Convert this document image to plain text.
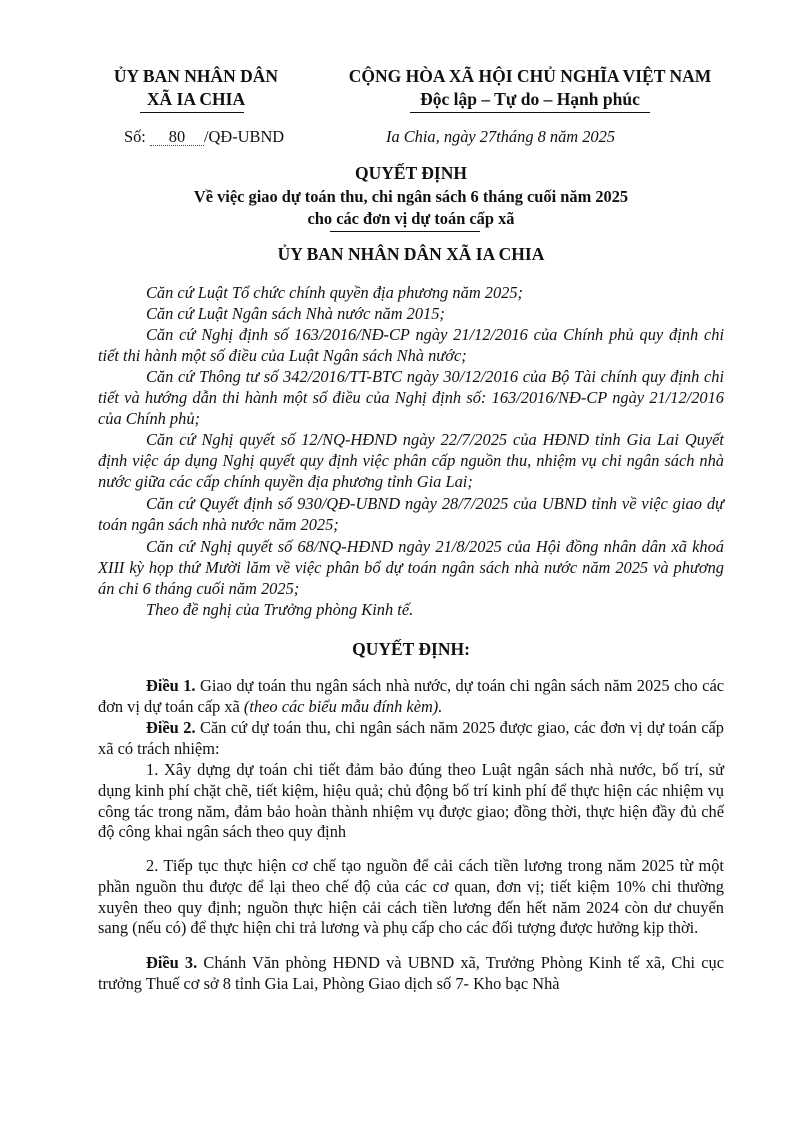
ỦY BAN NHÂN DÂN
XÃ IA CHIA
CỘNG HÒA XÃ HỘI CHỦ NGHĨA VIỆT NAM
Độc lập – Tự do – Hạnh phúc
Số: 80 /QĐ-UBND	Ia Chia, ngày 27tháng 8 năm 2025
QUYẾT ĐỊNH
Về việc giao dự toán thu, chi ngân sách 6 tháng cuối năm 2025
cho các đơn vị dự toán cấp xã
ỦY BAN NHÂN DÂN XÃ IA CHIA
Căn cứ Luật Tổ chức chính quyền địa phương năm 2025;
Căn cứ Luật Ngân sách Nhà nước năm 2015;
Căn cứ Nghị định số 163/2016/NĐ-CP ngày 21/12/2016 của Chính phủ quy định chi tiết thi hành một số điều của Luật Ngân sách Nhà nước;
Căn cứ Thông tư số 342/2016/TT-BTC ngày 30/12/2016 của Bộ Tài chính quy định chi tiết và hướng dẫn thi hành một số điều của Nghị định số: 163/2016/NĐ-CP ngày 21/12/2016 của Chính phủ;
Căn cứ Nghị quyết số 12/NQ-HĐND ngày 22/7/2025 của HĐND tỉnh Gia Lai Quyết định việc áp dụng Nghị quyết quy định việc phân cấp nguồn thu, nhiệm vụ chi ngân sách nhà nước giữa các cấp chính quyền địa phương tỉnh Gia Lai;
Căn cứ Quyết định số 930/QĐ-UBND ngày 28/7/2025 của UBND tỉnh về việc giao dự toán ngân sách nhà nước năm 2025;
Căn cứ Nghị quyết số 68/NQ-HĐND ngày 21/8/2025 của Hội đồng nhân dân xã khoá XIII kỳ họp thứ Mười lăm về việc phân bổ dự toán ngân sách nhà nước năm 2025 và phương án chi 6 tháng cuối năm 2025;
Theo đề nghị của Trưởng phòng Kinh tế.
QUYẾT ĐỊNH:
Điều 1. Giao dự toán thu ngân sách nhà nước, dự toán chi ngân sách năm 2025 cho các đơn vị dự toán cấp xã (theo các biểu mẫu đính kèm).
Điều 2. Căn cứ dự toán thu, chi ngân sách năm 2025 được giao, các đơn vị dự toán cấp xã có trách nhiệm:
1. Xây dựng dự toán chi tiết đảm bảo đúng theo Luật ngân sách nhà nước, bố trí, sử dụng kinh phí chặt chẽ, tiết kiệm, hiệu quả; chủ động bố trí kinh phí để thực hiện các nhiệm vụ công tác trong năm, đảm bảo hoàn thành nhiệm vụ được giao; đồng thời, thực hiện đầy đủ chế độ công khai ngân sách theo quy định
2. Tiếp tục thực hiện cơ chế tạo nguồn để cải cách tiền lương trong năm 2025 từ một phần nguồn thu được để lại theo chế độ của các cơ quan, đơn vị; tiết kiệm 10% chi thường xuyên theo quy định; nguồn thực hiện cải cách tiền lương đến hết năm 2024 còn dư chuyển sang (nếu có) để thực hiện chi trả lương và phụ cấp cho các đối tượng được hưởng kịp thời.
Điều 3. Chánh Văn phòng HĐND và UBND xã, Trưởng Phòng Kinh tế xã, Chi cục trưởng Thuế cơ sở 8 tỉnh Gia Lai, Phòng Giao dịch số 7- Kho bạc Nhà
